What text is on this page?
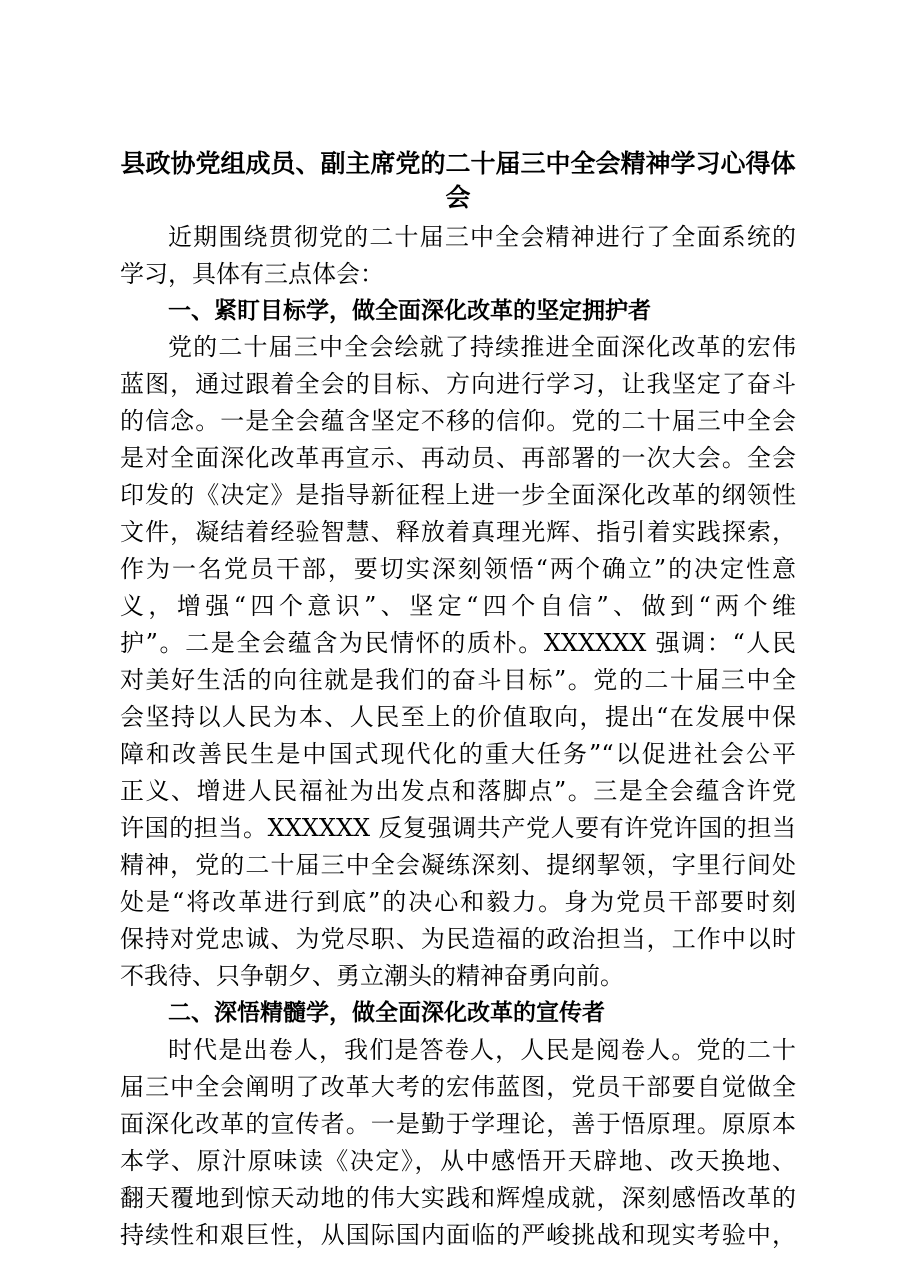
县政协党组成员、副主席党的二十届三中全会精神学习心得体
会
近期围绕贯彻党的二十届三中全会精神进行了全面系统的
学习，具体有三点体会：
一、紧盯目标学，做全面深化改革的坚定拥护者
党的二十届三中全会绘就了持续推进全面深化改革的宏伟
蓝图，通过跟着全会的目标、方向进行学习，让我坚定了奋斗
的信念。一是全会蕴含坚定不移的信仰。党的二十届三中全会
是对全面深化改革再宣示、再动员、再部署的一次大会。全会
印发的《决定》是指导新征程上进一步全面深化改革的纲领性
文件，凝结着经验智慧、释放着真理光辉、指引着实践探索，
作为一名党员干部，要切实深刻领悟“两个确立”的决定性意
义，增强“四个意识”、坚定“四个自信”、做到“两个维
护”。二是全会蕴含为民情怀的质朴。XXXXXX 强调：“人民
对美好生活的向往就是我们的奋斗目标”。党的二十届三中全
会坚持以人民为本、人民至上的价值取向，提出“在发展中保
障和改善民生是中国式现代化的重大任务”“以促进社会公平
正义、增进人民福祉为出发点和落脚点”。三是全会蕴含许党
许国的担当。XXXXXX 反复强调共产党人要有许党许国的担当
精神，党的二十届三中全会凝练深刻、提纲挈领，字里行间处
处是“将改革进行到底”的决心和毅力。身为党员干部要时刻
保持对党忠诚、为党尽职、为民造福的政治担当，工作中以时
不我待、只争朝夕、勇立潮头的精神奋勇向前。
二、深悟精髓学，做全面深化改革的宣传者
时代是出卷人，我们是答卷人，人民是阅卷人。党的二十
届三中全会阐明了改革大考的宏伟蓝图，党员干部要自觉做全
面深化改革的宣传者。一是勤于学理论，善于悟原理。原原本
本学、原汁原味读《决定》，从中感悟开天辟地、改天换地、
翻天覆地到惊天动地的伟大实践和辉煌成就，深刻感悟改革的
持续性和艰巨性，从国际国内面临的严峻挑战和现实考验中，
